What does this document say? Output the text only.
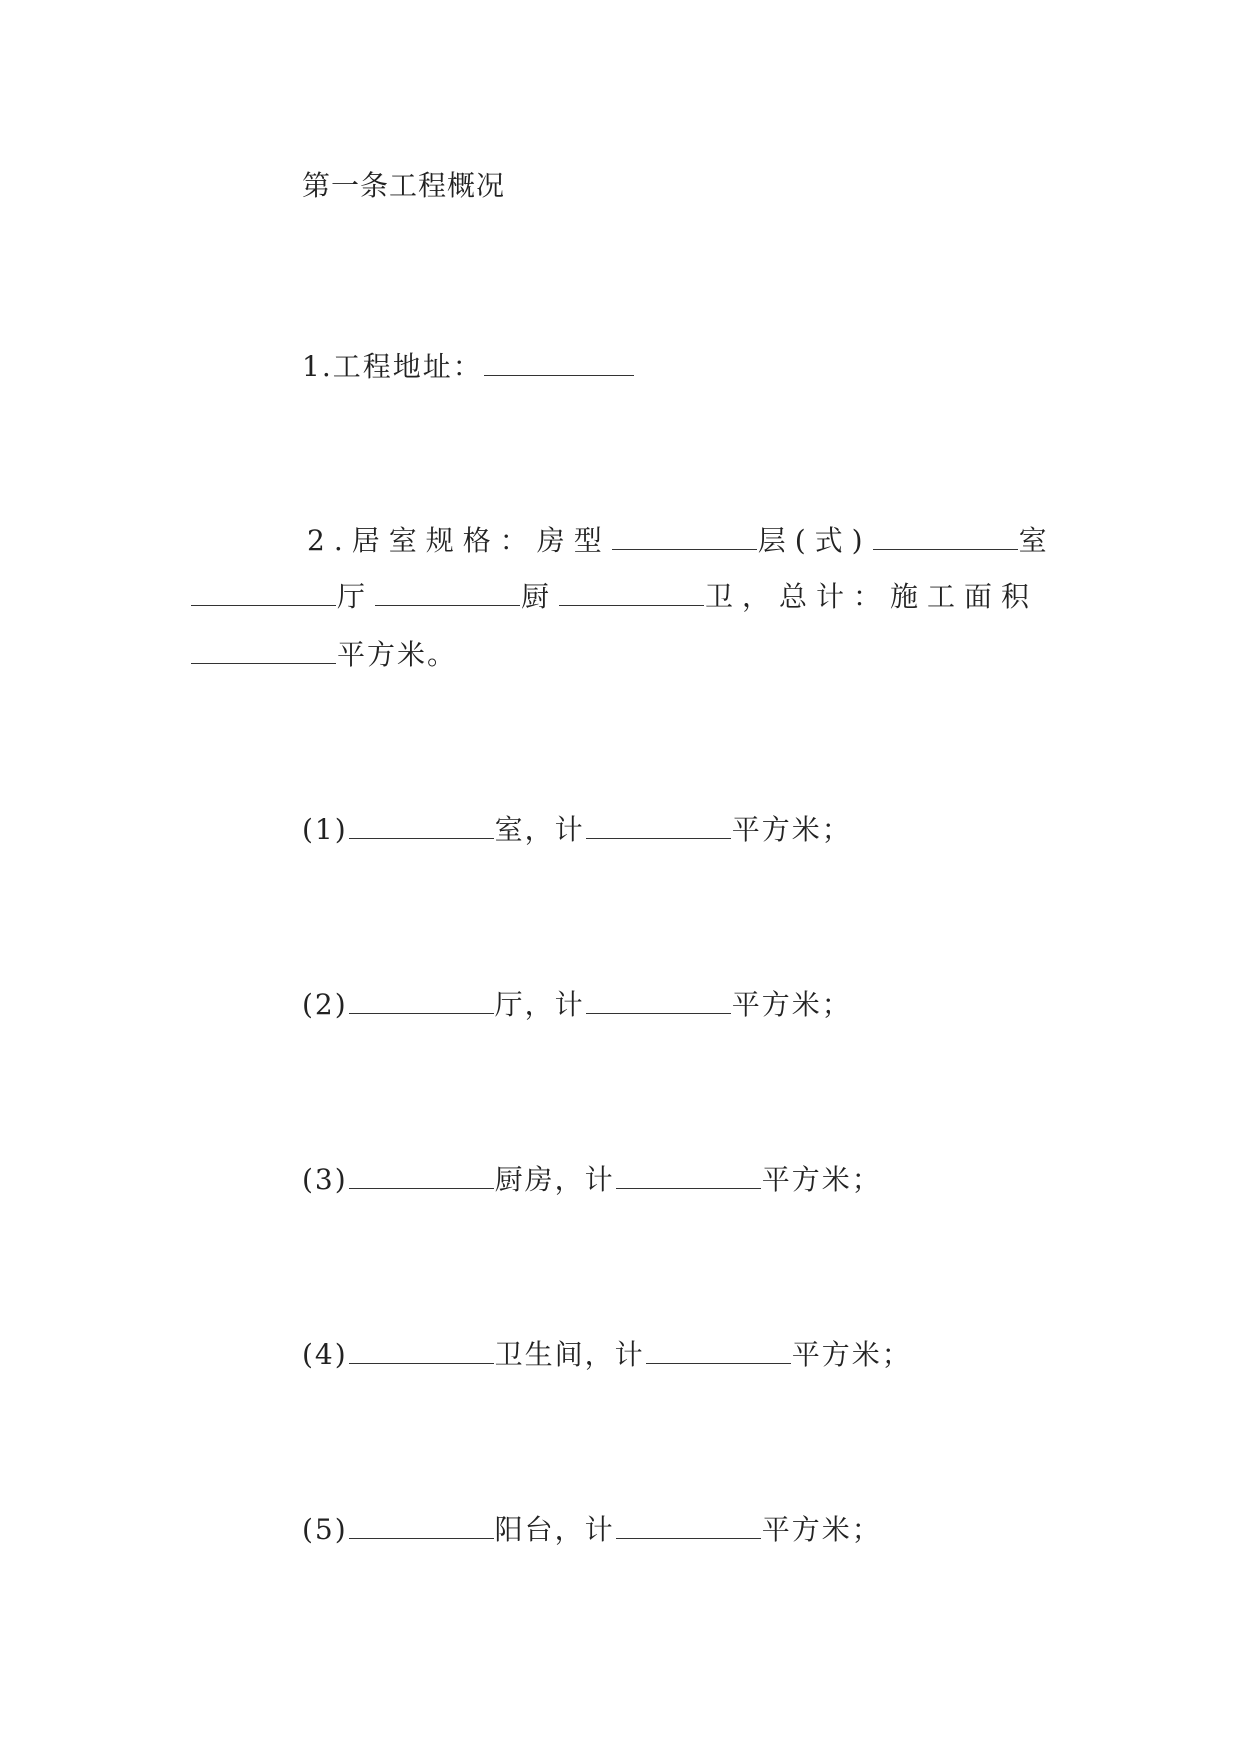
第一条工程概况
1.工程地址：
2.居室规格：房型	层(式)	室
厅	厨	卫，总计：施工面积
平方米。
(1)	室，计	平方米；
(2)	厅，计	平方米；
(3)	厨房，计	平方米；
(4)	卫生间，计	平方米；
(5)	阳台，计	平方米；
